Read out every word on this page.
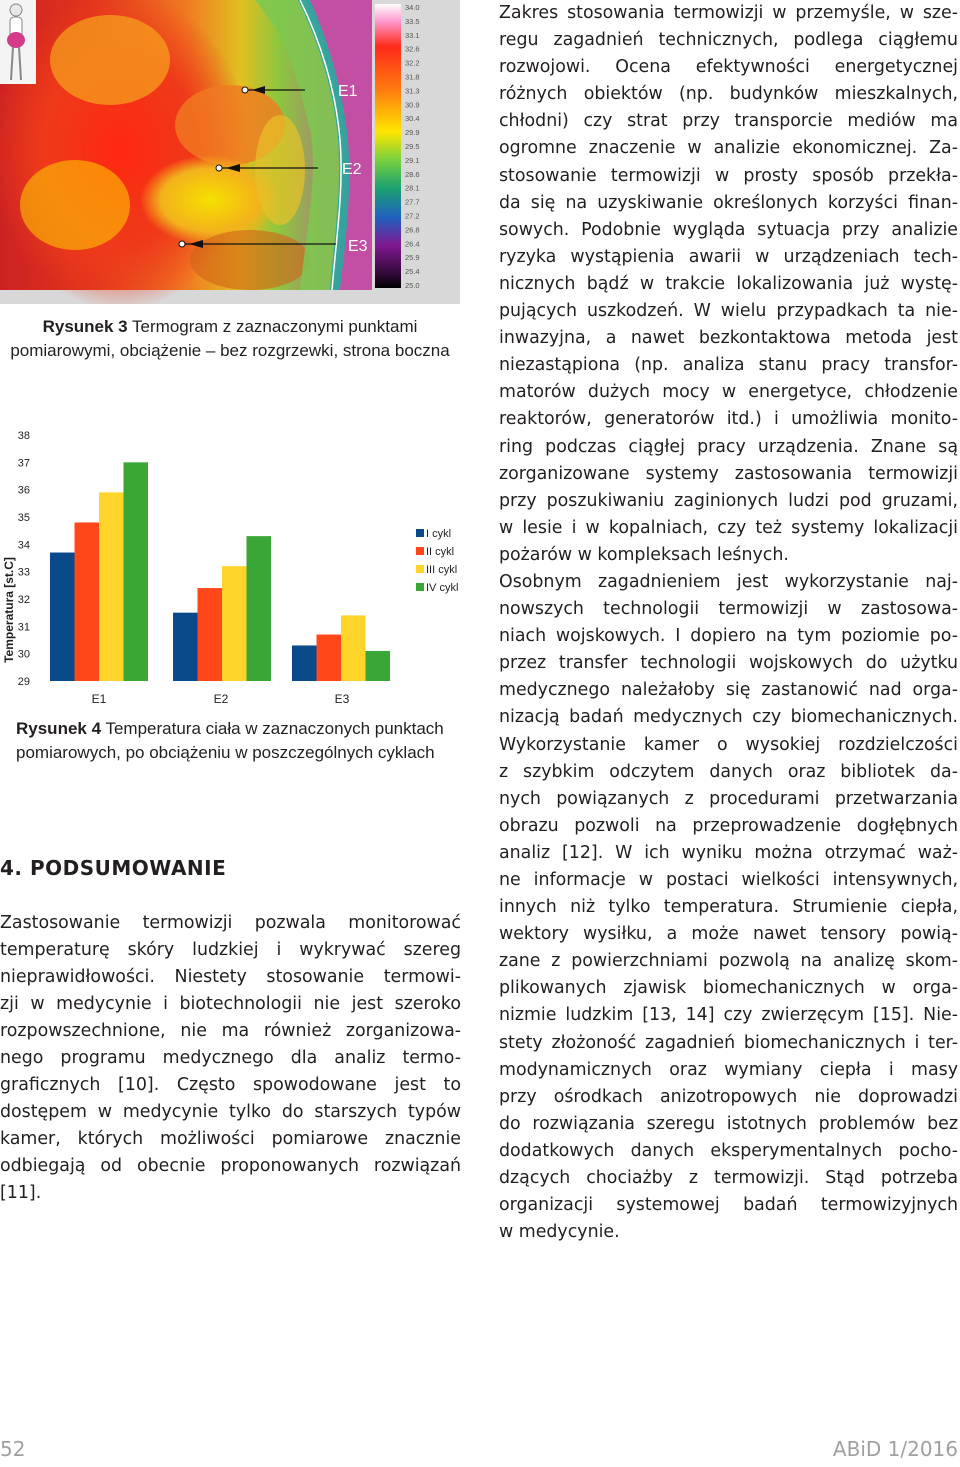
E1
E2
E3
34.0
33.5
33.1
32.6
32.2
31.8
31.3
30.9
30.4
29.9
29.5
29.1
28.6
28.1
27.7
27.2
26.8
26.4
25.9
25.4
25.0
Rysunek 3 Termogram z zaznaczonymi punktami
pomiarowymi, obciążenie – bez rozgrzewki, strona boczna
Temperatura [st.C]
29
30
31
32
33
34
35
36
37
38
E1	E2	E3
I cykl
II cykl
III cykl
IV cykl
Rysunek 4 Temperatura ciała w zaznaczonych punktach
pomiarowych, po obciążeniu w poszczególnych cyklach
4. PODSUMOWANIE
Zastosowanie termowizji pozwala monitorować
temperaturę skóry ludzkiej i wykrywać szereg
nieprawidłowości. Niestety stosowanie termowi-
zji w medycynie i biotechnologii nie jest szeroko
rozpowszechnione, nie ma również zorganizowa-
nego programu medycznego dla analiz termo-
graficznych [10]. Często spowodowane jest to
dostępem w medycynie tylko do starszych typów
kamer, których możliwości pomiarowe znacznie
odbiegają od obecnie proponowanych rozwiązań
[11].
Zakres stosowania termowizji w przemyśle, w sze-
regu zagadnień technicznych, podlega ciągłemu
rozwojowi. Ocena efektywności energetycznej
różnych obiektów (np. budynków mieszkalnych,
chłodni) czy strat przy transporcie mediów ma
ogromne znaczenie w analizie ekonomicznej. Za-
stosowanie termowizji w prosty sposób przekła-
da się na uzyskiwanie określonych korzyści finan-
sowych. Podobnie wygląda sytuacja przy analizie
ryzyka wystąpienia awarii w urządzeniach tech-
nicznych bądź w trakcie lokalizowania już wystę-
pujących uszkodzeń. W wielu przypadkach ta nie-
inwazyjna, a nawet bezkontaktowa metoda jest
niezastąpiona (np. analiza stanu pracy transfor-
matorów dużych mocy w energetyce, chłodzenie
reaktorów, generatorów itd.) i umożliwia monito-
ring podczas ciągłej pracy urządzenia. Znane są
zorganizowane systemy zastosowania termowizji
przy poszukiwaniu zaginionych ludzi pod gruzami,
w lesie i w kopalniach, czy też systemy lokalizacji
pożarów w kompleksach leśnych.
Osobnym zagadnieniem jest wykorzystanie naj-
nowszych technologii termowizji w zastosowa-
niach wojskowych. I dopiero na tym poziomie po-
przez transfer technologii wojskowych do użytku
medycznego należałoby się zastanowić nad orga-
nizacją badań medycznych czy biomechanicznych.
Wykorzystanie kamer o wysokiej rozdzielczości
z szybkim odczytem danych oraz bibliotek da-
nych powiązanych z procedurami przetwarzania
obrazu pozwoli na przeprowadzenie dogłębnych
analiz [12]. W ich wyniku można otrzymać waż-
ne informacje w postaci wielkości intensywnych,
innych niż tylko temperatura. Strumienie ciepła,
wektory wysiłku, a może nawet tensory powią-
zane z powierzchniami pozwolą na analizę skom-
plikowanych zjawisk biomechanicznych w orga-
nizmie ludzkim [13, 14] czy zwierzęcym [15]. Nie-
stety złożoność zagadnień biomechanicznych i ter-
modynamicznych oraz wymiany ciepła i masy
przy ośrodkach anizotropowych nie doprowadzi
do rozwiązania szeregu istotnych problemów bez
dodatkowych danych eksperymentalnych pocho-
dzących chociażby z termowizji. Stąd potrzeba
organizacji systemowej badań termowizyjnych
w medycynie.
52	ABiD 1/2016
